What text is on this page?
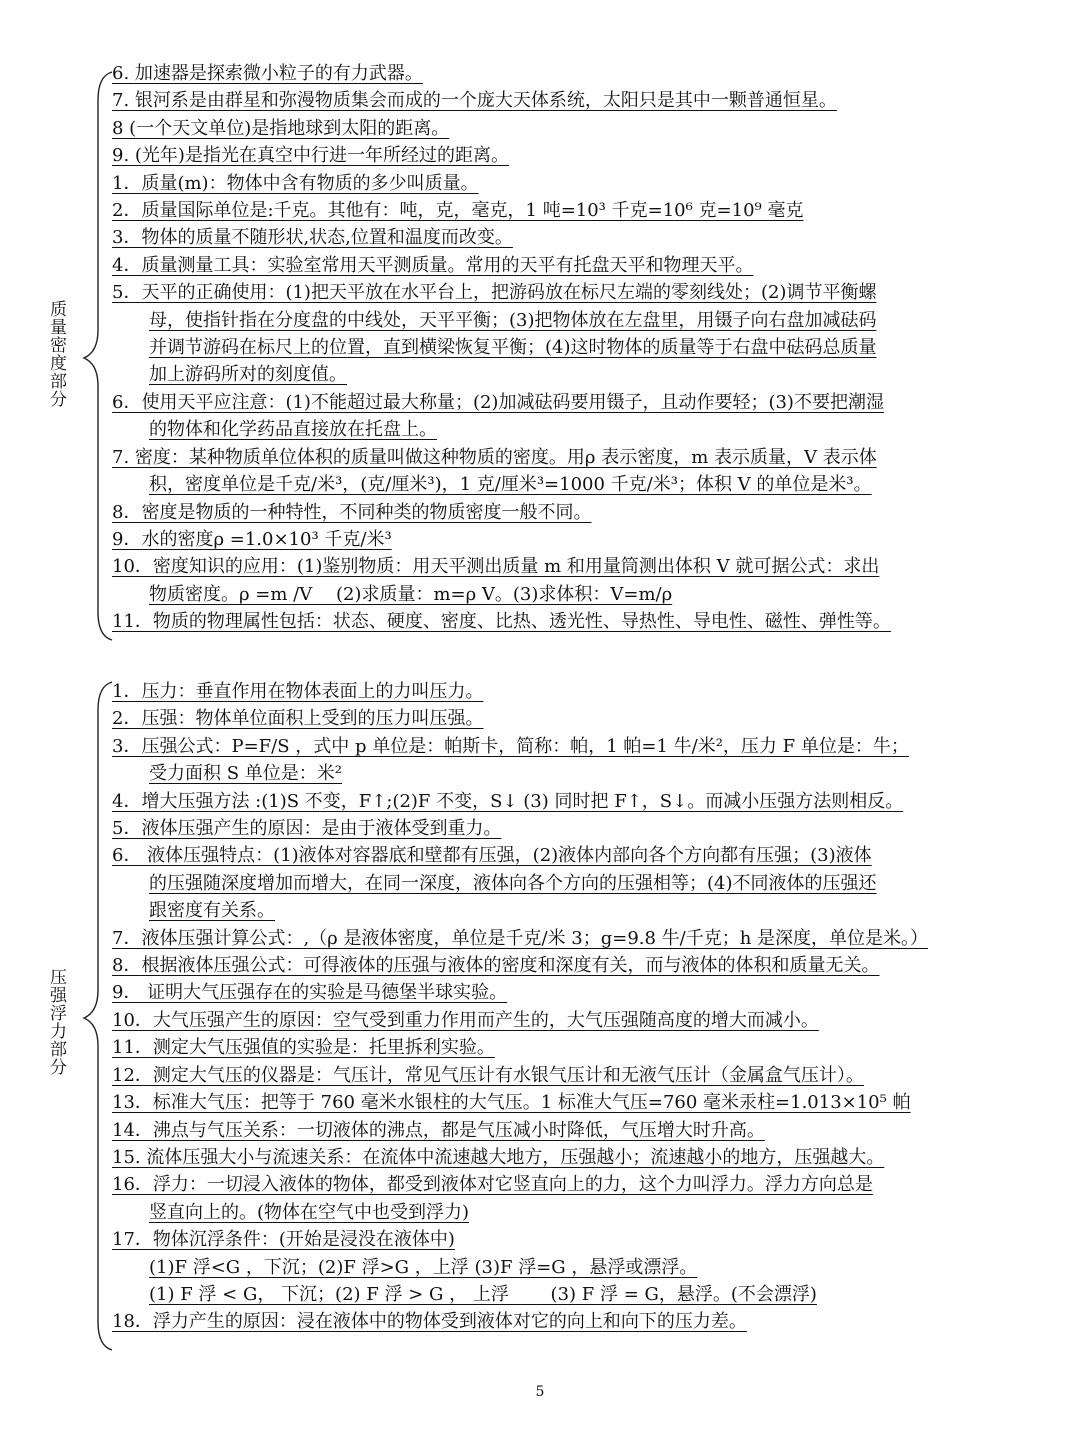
质量密度部分
压强浮力部分
6. 加速器是探索微小粒子的有力武器。
7. 银河系是由群星和弥漫物质集会而成的一个庞大天体系统，太阳只是其中一颗普通恒星。
8 (一个天文单位)是指地球到太阳的距离。
9. (光年)是指光在真空中行进一年所经过的距离。
1．质量(m)：物体中含有物质的多少叫质量。
2．质量国际单位是:千克。其他有：吨，克，毫克，1 吨=10³ 千克=10⁶ 克=10⁹ 毫克
3．物体的质量不随形状,状态,位置和温度而改变。
4．质量测量工具：实验室常用天平测质量。常用的天平有托盘天平和物理天平。
5．天平的正确使用：(1)把天平放在水平台上，把游码放在标尺左端的零刻线处；(2)调节平衡螺
母，使指针指在分度盘的中线处，天平平衡；(3)把物体放在左盘里，用镊子向右盘加减砝码
并调节游码在标尺上的位置，直到横梁恢复平衡；(4)这时物体的质量等于右盘中砝码总质量
加上游码所对的刻度值。
6．使用天平应注意：(1)不能超过最大称量；(2)加减砝码要用镊子，且动作要轻；(3)不要把潮湿
的物体和化学药品直接放在托盘上。
7. 密度：某种物质单位体积的质量叫做这种物质的密度。用ρ 表示密度，m 表示质量，V 表示体
积，密度单位是千克/米³，(克/厘米³)，1 克/厘米³=1000 千克/米³；体积 V 的单位是米³。
8．密度是物质的一种特性，不同种类的物质密度一般不同。
9．水的密度ρ =1.0×10³ 千克/米³
10．密度知识的应用：(1)鉴别物质：用天平测出质量 m 和用量筒测出体积 V 就可据公式：求出
物质密度。ρ =m /V　 (2)求质量：m=ρ V。(3)求体积：V=m/ρ
11．物质的物理属性包括：状态、硬度、密度、比热、透光性、导热性、导电性、磁性、弹性等。
1．压力：垂直作用在物体表面上的力叫压力。
2．压强：物体单位面积上受到的压力叫压强。
3．压强公式：P=F/S ，式中 p 单位是：帕斯卡，简称：帕，1 帕=1 牛/米²，压力 F 单位是：牛；
受力面积 S 单位是：米²
4．增大压强方法 :(1)S 不变，F↑;(2)F 不变，S↓ (3) 同时把 F↑，S↓。而减小压强方法则相反。
5．液体压强产生的原因：是由于液体受到重力。
6． 液体压强特点：(1)液体对容器底和壁都有压强，(2)液体内部向各个方向都有压强；(3)液体
的压强随深度增加而增大，在同一深度，液体向各个方向的压强相等；(4)不同液体的压强还
跟密度有关系。
7．液体压强计算公式：,（ρ 是液体密度，单位是千克/米 3；g=9.8 牛/千克；h 是深度，单位是米。）
8．根据液体压强公式：可得液体的压强与液体的密度和深度有关，而与液体的体积和质量无关。
9． 证明大气压强存在的实验是马德堡半球实验。
10．大气压强产生的原因：空气受到重力作用而产生的，大气压强随高度的增大而减小。
11．测定大气压强值的实验是：托里拆利实验。
12．测定大气压的仪器是：气压计，常见气压计有水银气压计和无液气压计（金属盒气压计）。
13．标准大气压：把等于 760 毫米水银柱的大气压。1 标准大气压=760 毫米汞柱=1.013×10⁵ 帕
14．沸点与气压关系：一切液体的沸点，都是气压减小时降低，气压增大时升高。
15. 流体压强大小与流速关系：在流体中流速越大地方，压强越小；流速越小的地方，压强越大。
16．浮力：一切浸入液体的物体，都受到液体对它竖直向上的力，这个力叫浮力。浮力方向总是
竖直向上的。(物体在空气中也受到浮力)
17．物体沉浮条件：(开始是浸没在液体中)
(1)F 浮<G ，下沉；(2)F 浮>G ，上浮 (3)F 浮=G ，悬浮或漂浮。
(1) F 浮 < G， 下沉；(2) F 浮 > G ， 上浮　　 (3) F 浮 = G，悬浮。(不会漂浮)
18．浮力产生的原因：浸在液体中的物体受到液体对它的向上和向下的压力差。
5
